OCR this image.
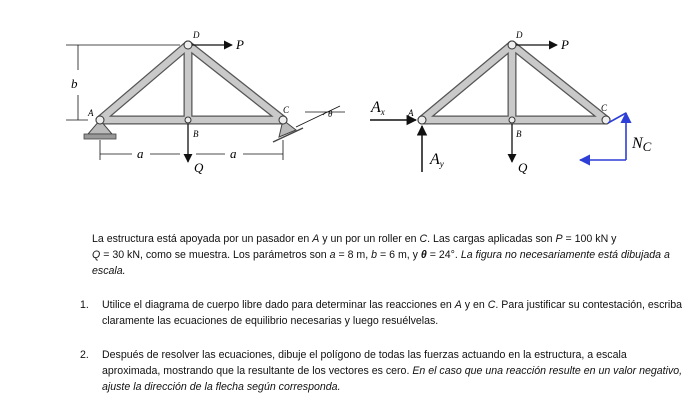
D
P
b
A	C
B
θ
a	a
Q
D
P
A	C
B
Q
Ax
Ay
NC
La estructura está apoyada por un pasador en A y un por un roller en C. Las cargas aplicadas son P = 100 kN y
Q = 30 kN, como se muestra. Los parámetros son a = 8 m, b = 6 m, y θ = 24°. La figura no necesariamente está dibujada a escala.
1. Utilice el diagrama de cuerpo libre dado para determinar las reacciones en A y en C. Para justificar su contestación, escriba claramente las ecuaciones de equilibrio necesarias y luego resuélvelas.
2. Después de resolver las ecuaciones, dibuje el polígono de todas las fuerzas actuando en la estructura, a escala aproximada, mostrando que la resultante de los vectores es cero. En el caso que una reacción resulte en un valor negativo, ajuste la dirección de la flecha según corresponda.
